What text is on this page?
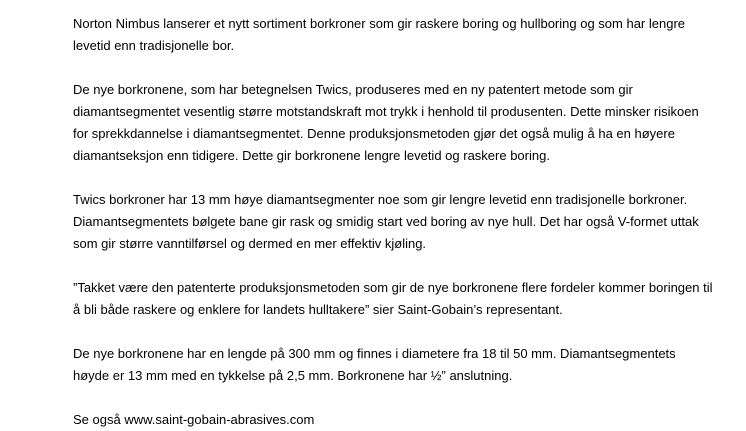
Norton Nimbus lanserer et nytt sortiment borkroner som gir raskere boring og hullboring og som har lengre levetid enn tradisjonelle bor.

De nye borkronene, som har betegnelsen Twics, produseres med en ny patentert metode som gir diamantsegmentet vesentlig større motstandskraft mot trykk i henhold til produsenten. Dette minsker risikoen for sprekkdannelse i diamantsegmentet. Denne produksjonsmetoden gjør det også mulig å ha en høyere diamantseksjon enn tidigere. Dette gir borkronene lengre levetid og raskere boring.

Twics borkroner har 13 mm høye diamantsegmenter noe som gir lengre levetid enn tradisjonelle borkroner. Diamantsegmentets bølgete bane gir rask og smidig start ved boring av nye hull. Det har også V-formet uttak som gir større vanntilførsel og dermed en mer effektiv kjøling.

”Takket være den patenterte produksjonsmetoden som gir de nye borkronene flere fordeler kommer boringen til å bli både raskere og enklere for landets hulltakere” sier Saint-Gobain’s representant.

De nye borkronene har en lengde på 300 mm og finnes i diametere fra 18 til 50 mm. Diamantsegmentets høyde er 13 mm med en tykkelse på 2,5 mm. Borkronene har ½” anslutning.

Se også www.saint-gobain-abrasives.com
